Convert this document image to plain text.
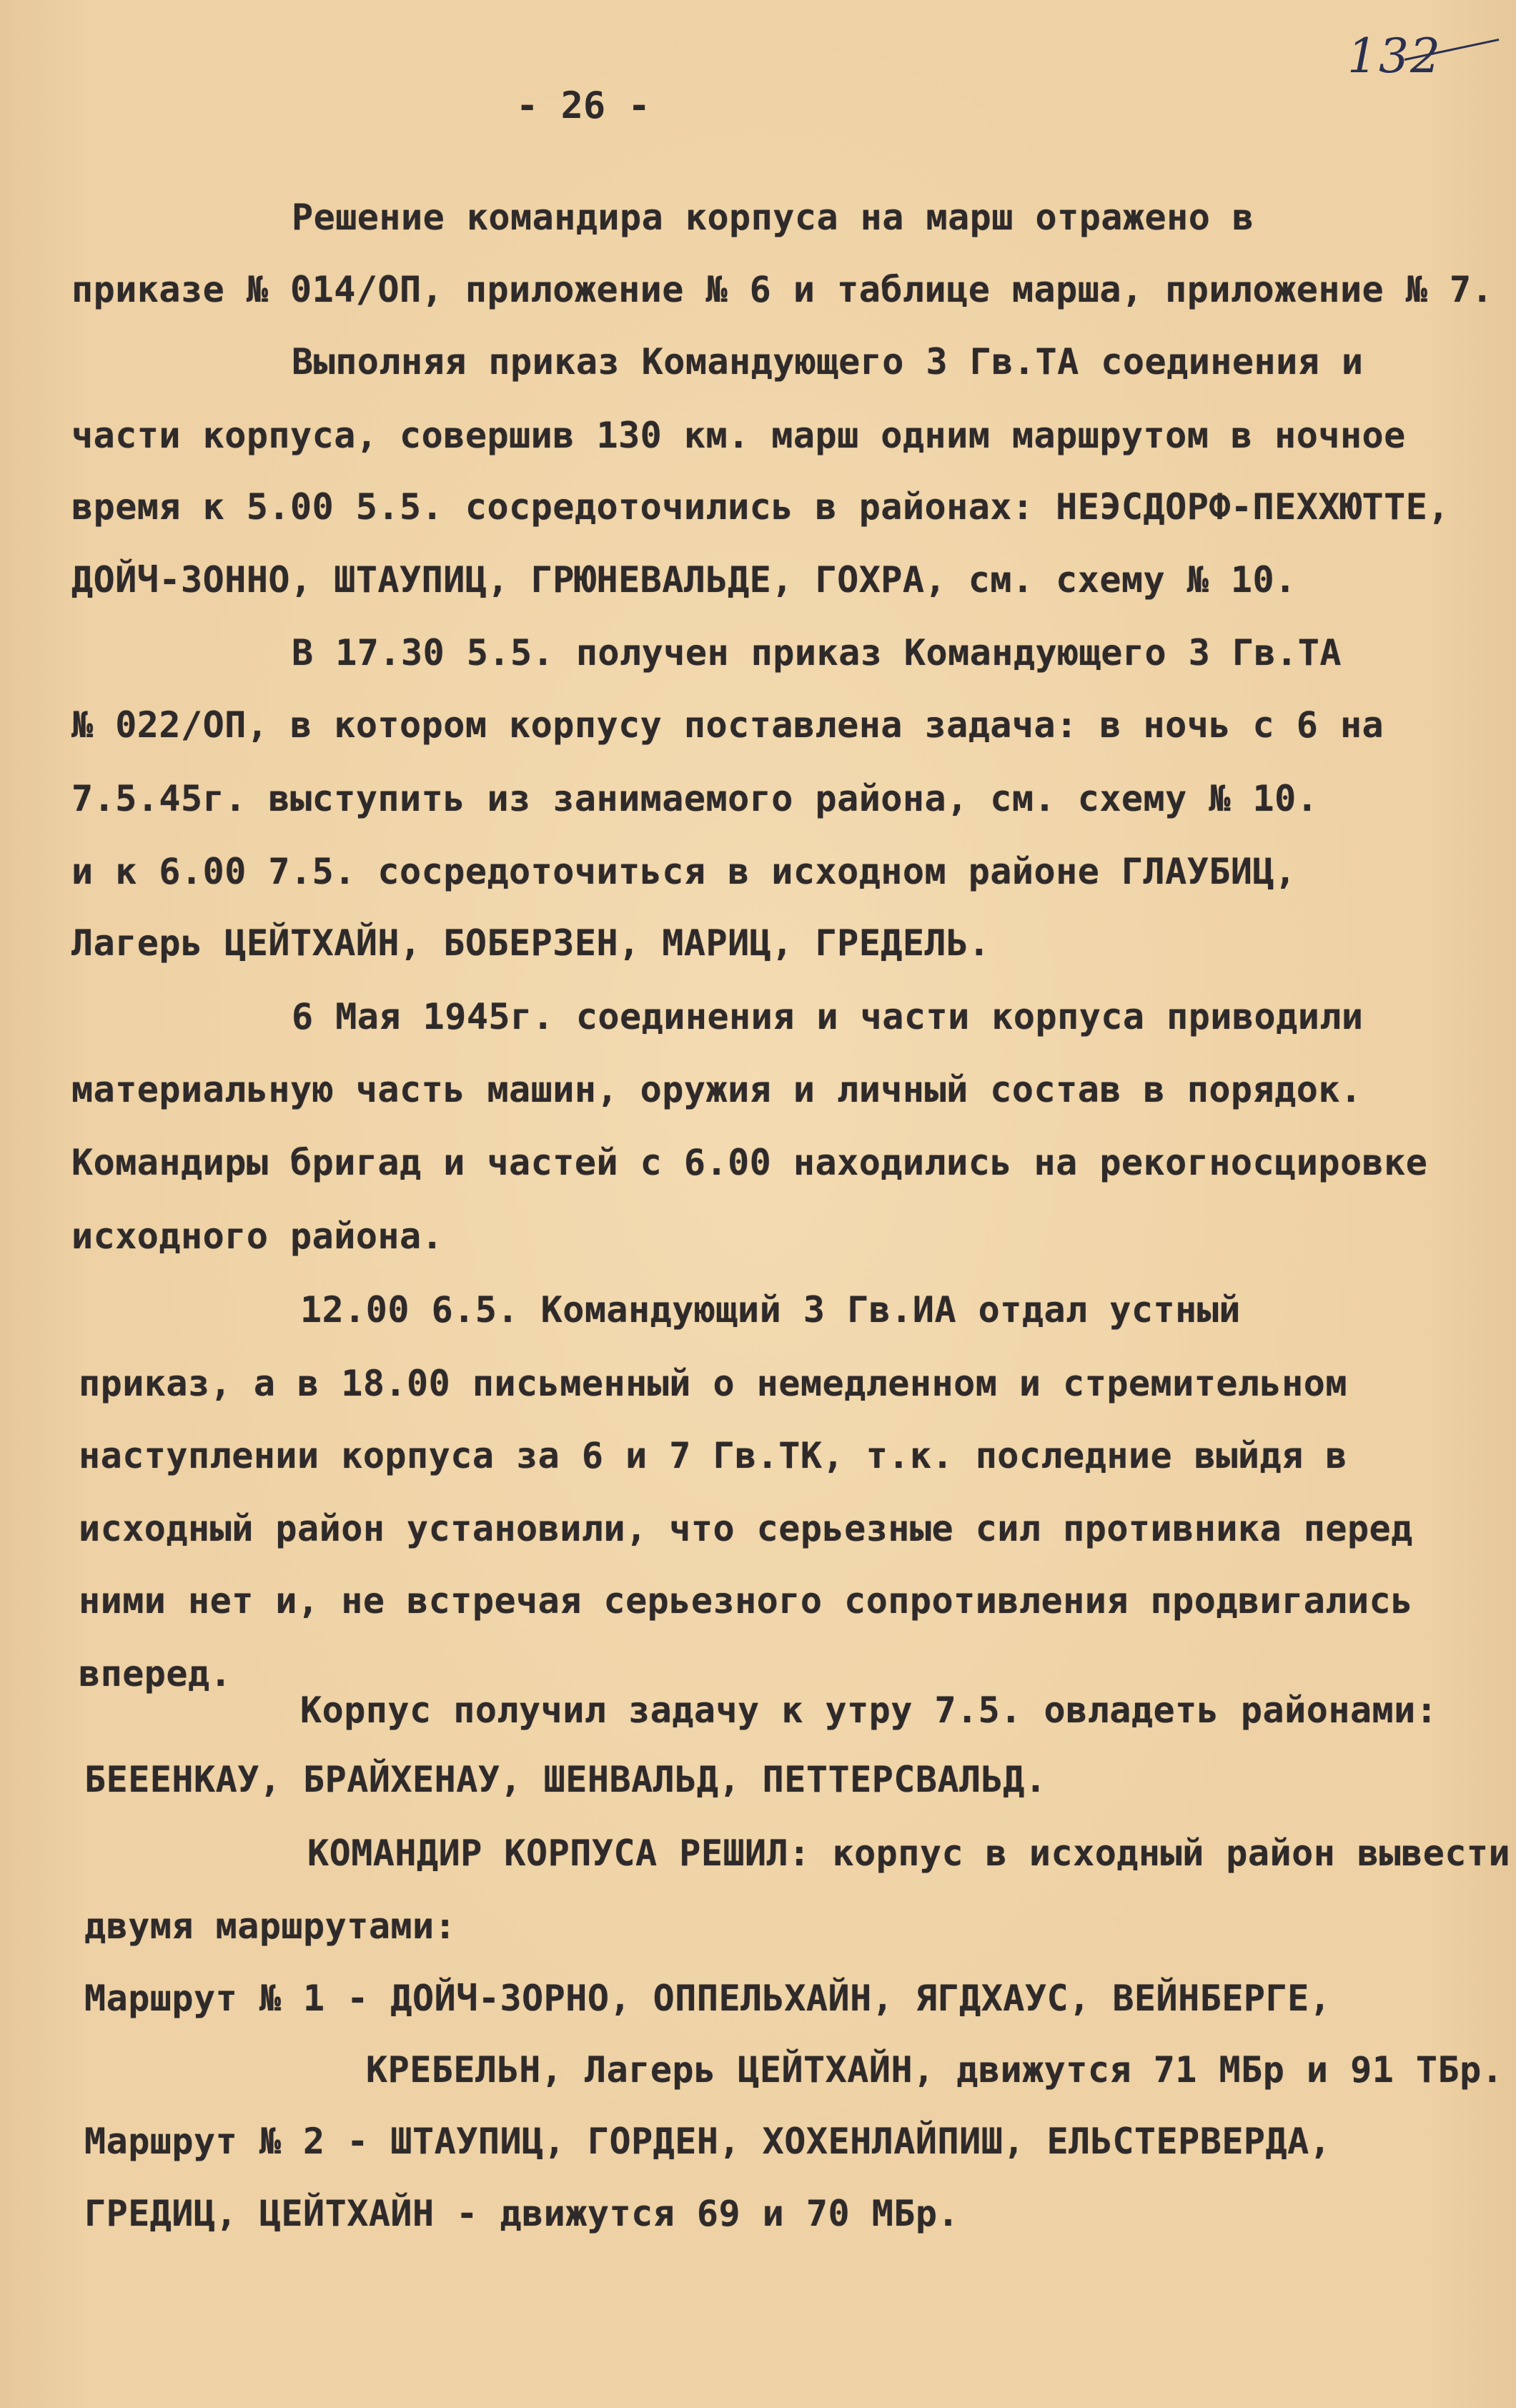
132
- 26 -
Решение командира корпуса на марш отражено в
приказе № 014/ОП, приложение № 6 и таблице марша, приложение № 7.
Выполняя приказ Командующего 3 Гв.ТА соединения и
части корпуса, совершив 130 км. марш одним маршрутом в ночное
время к 5.00 5.5. сосредоточились в районах: НЕЭСДОРФ-ПЕХХЮТТЕ,
ДОЙЧ-ЗОННО, ШТАУПИЦ, ГРЮНЕВАЛЬДЕ, ГОХРА, см. схему № 10.
В 17.30 5.5. получен приказ Командующего 3 Гв.ТА
№ 022/ОП, в котором корпусу поставлена задача: в ночь с 6 на
7.5.45г. выступить из занимаемого района, см. схему № 10.
и к 6.00 7.5. сосредоточиться в исходном районе ГЛАУБИЦ,
Лагерь ЦЕЙТХАЙН, БОБЕРЗЕН, МАРИЦ, ГРЕДЕЛЬ.
6 Мая 1945г. соединения и части корпуса приводили
материальную часть машин, оружия и личный состав в порядок.
Командиры бригад и частей с 6.00 находились на рекогносцировке
исходного района.
12.00 6.5. Командующий 3 Гв.ИА отдал устный
приказ, а в 18.00 письменный о немедленном и стремительном
наступлении корпуса за 6 и 7 Гв.ТК, т.к. последние выйдя в
исходный район установили, что серьезные сил противника перед
ними нет и, не встречая серьезного сопротивления продвигались
вперед.
Корпус получил задачу к утру 7.5. овладеть районами:
БЕЕЕНКАУ, БРАЙХЕНАУ, ШЕНВАЛЬД, ПЕТТЕРСВАЛЬД.
КОМАНДИР КОРПУСА РЕШИЛ: корпус в исходный район вывести
двумя маршрутами:
Маршрут № 1 - ДОЙЧ-ЗОРНО, ОППЕЛЬХАЙН, ЯГДХАУС, ВЕЙНБЕРГЕ,
КРЕБЕЛЬН, Лагерь ЦЕЙТХАЙН, движутся 71 МБр и 91 ТБр.
Маршрут № 2 - ШТАУПИЦ, ГОРДЕН, ХОХЕНЛАЙПИШ, ЕЛЬСТЕРВЕРДА,
ГРЕДИЦ, ЦЕЙТХАЙН - движутся 69 и 70 МБр.
